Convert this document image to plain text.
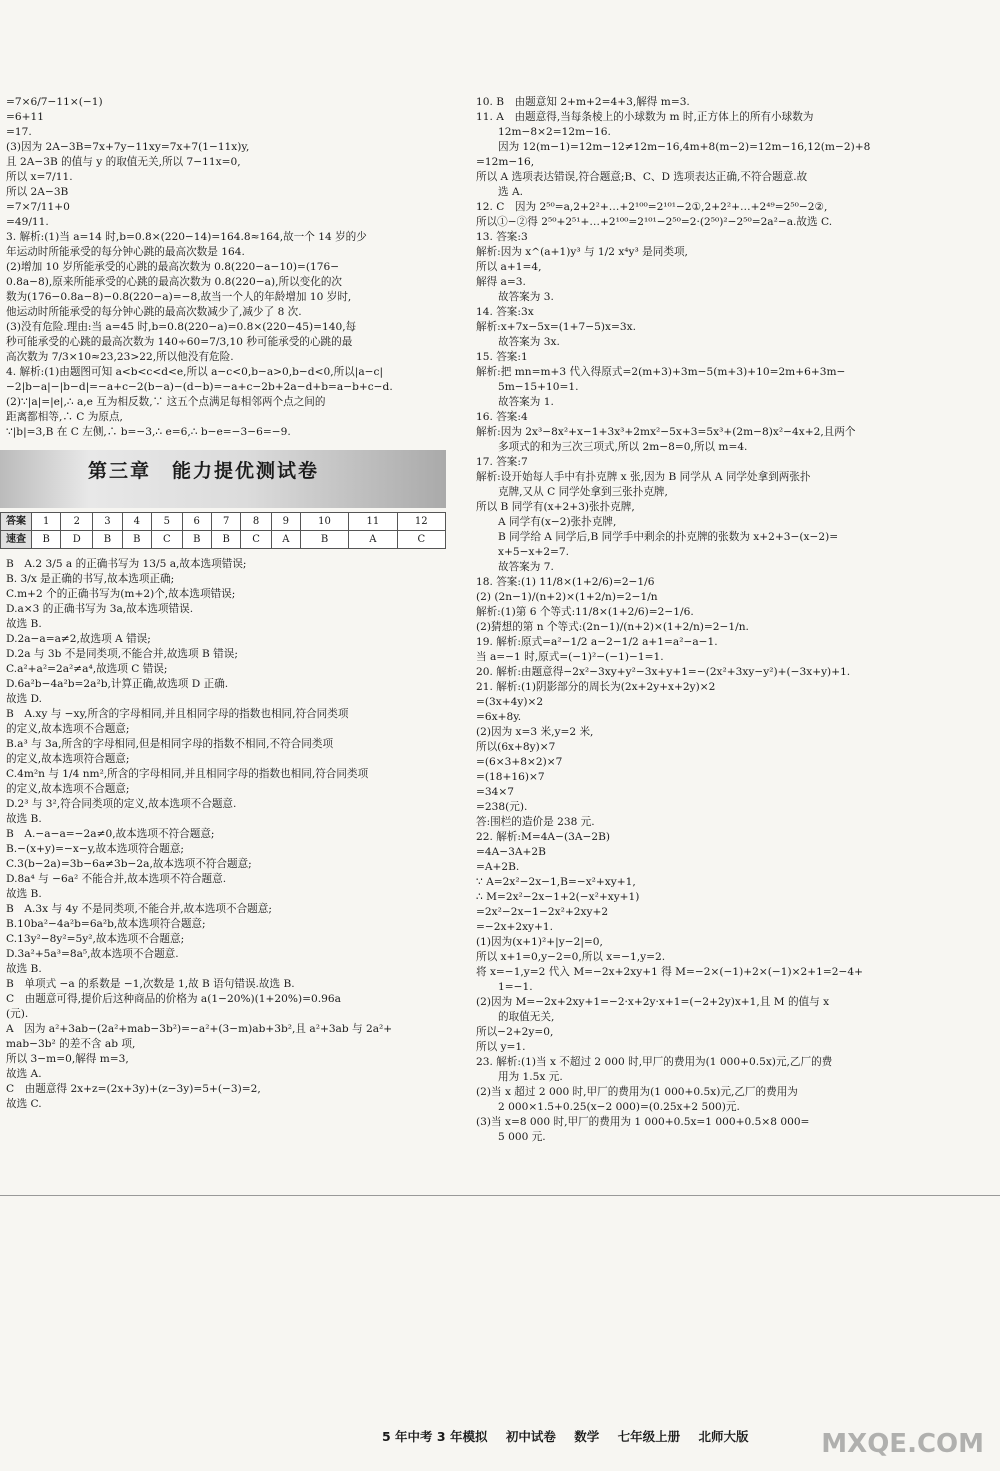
=7×6/7−11×(−1)
=6+11
=17.
(3)因为 2A−3B=7x+7y−11xy=7x+7(1−11x)y,
且 2A−3B 的值与 y 的取值无关,所以 7−11x=0,
所以 x=7/11.
所以 2A−3B
=7×7/11+0
=49/11.
3. 解析:(1)当 a=14 时,b=0.8×(220−14)=164.8≈164,故一个 14 岁的少
年运动时所能承受的每分钟心跳的最高次数是 164.
(2)增加 10 岁所能承受的心跳的最高次数为 0.8(220−a−10)=(176−
0.8a−8),原来所能承受的心跳的最高次数为 0.8(220−a),所以变化的次
数为(176−0.8a−8)−0.8(220−a)=−8,故当一个人的年龄增加 10 岁时,
他运动时所能承受的每分钟心跳的最高次数减少了,减少了 8 次.
(3)没有危险.理由:当 a=45 时,b=0.8(220−a)=0.8×(220−45)=140,每
秒可能承受的心跳的最高次数为 140÷60=7/3,10 秒可能承受的心跳的最
高次数为 7/3×10≈23,23>22,所以他没有危险.
4. 解析:(1)由题图可知 a<b<c<d<e,所以 a−c<0,b−a>0,b−d<0,所以|a−c|
−2|b−a|−|b−d|=−a+c−2(b−a)−(d−b)=−a+c−2b+2a−d+b=a−b+c−d.
(2)∵|a|=|e|,∴ a,e 互为相反数,∵ 这五个点满足每相邻两个点之间的
距离都相等,∴ C 为原点,
∵|b|=3,B 在 C 左侧,∴ b=−3,∴ e=6,∴ b−e=−3−6=−9.
第三章　能力提优测试卷
答案	1	2	3	4	5	6	7	8	9	10	11	12
速查	B	D	B	B	C	B	B	C	A	B	A	C
B　A.2 3/5 a 的正确书写为 13/5 a,故本选项错误;
B. 3/x 是正确的书写,故本选项正确;
C.m+2 个的正确书写为(m+2)个,故本选项错误;
D.a×3 的正确书写为 3a,故本选项错误.
故选 B.
D.2a−a=a≠2,故选项 A 错误;
D.2a 与 3b 不是同类项,不能合并,故选项 B 错误;
C.a²+a²=2a²≠a⁴,故选项 C 错误;
D.6a²b−4a²b=2a²b,计算正确,故选项 D 正确.
故选 D.
B　A.xy 与 −xy,所含的字母相同,并且相同字母的指数也相同,符合同类项
的定义,故本选项不合题意;
B.a³ 与 3a,所含的字母相同,但是相同字母的指数不相同,不符合同类项
的定义,故本选项符合题意;
C.4m²n 与 1/4 nm²,所含的字母相同,并且相同字母的指数也相同,符合同类项
的定义,故本选项不合题意;
D.2³ 与 3²,符合同类项的定义,故本选项不合题意.
故选 B.
B　A.−a−a=−2a≠0,故本选项不符合题意;
B.−(x+y)=−x−y,故本选项符合题意;
C.3(b−2a)=3b−6a≠3b−2a,故本选项不符合题意;
D.8a⁴ 与 −6a² 不能合并,故本选项不符合题意.
故选 B.
B　A.3x 与 4y 不是同类项,不能合并,故本选项不合题意;
B.10ba²−4a²b=6a²b,故本选项符合题意;
C.13y²−8y²=5y²,故本选项不合题意;
D.3a²+5a³=8a⁵,故本选项不合题意.
故选 B.
B　单项式 −a 的系数是 −1,次数是 1,故 B 语句错误.故选 B.
C　由题意可得,提价后这种商品的价格为 a(1−20%)(1+20%)=0.96a
(元).
A　因为 a²+3ab−(2a²+mab−3b²)=−a²+(3−m)ab+3b²,且 a²+3ab 与 2a²+
mab−3b² 的差不含 ab 项,
所以 3−m=0,解得 m=3,
故选 A.
C　由题意得 2x+z=(2x+3y)+(z−3y)=5+(−3)=2,
故选 C.
10. B　由题意知 2+m+2=4+3,解得 m=3.
11. A　由题意得,当每条棱上的小球数为 m 时,正方体上的所有小球数为
12m−8×2=12m−16.
因为 12(m−1)=12m−12≠12m−16,4m+8(m−2)=12m−16,12(m−2)+8
=12m−16,
所以 A 选项表达错误,符合题意;B、C、D 选项表达正确,不符合题意.故
选 A.
12. C　因为 2⁵⁰=a,2+2²+…+2¹⁰⁰=2¹⁰¹−2①,2+2²+…+2⁴⁹=2⁵⁰−2②,
所以①−②得 2⁵⁰+2⁵¹+…+2¹⁰⁰=2¹⁰¹−2⁵⁰=2·(2⁵⁰)²−2⁵⁰=2a²−a.故选 C.
13. 答案:3
解析:因为 x^(a+1)y³ 与 1/2 x⁴y³ 是同类项,
所以 a+1=4,
解得 a=3.
故答案为 3.
14. 答案:3x
解析:x+7x−5x=(1+7−5)x=3x.
故答案为 3x.
15. 答案:1
解析:把 mn=m+3 代入得原式=2(m+3)+3m−5(m+3)+10=2m+6+3m−
5m−15+10=1.
故答案为 1.
16. 答案:4
解析:因为 2x³−8x²+x−1+3x³+2mx²−5x+3=5x³+(2m−8)x²−4x+2,且两个
多项式的和为三次三项式,所以 2m−8=0,所以 m=4.
17. 答案:7
解析:设开始每人手中有扑克牌 x 张,因为 B 同学从 A 同学处拿到两张扑
克牌,又从 C 同学处拿到三张扑克牌,
所以 B 同学有(x+2+3)张扑克牌,
A 同学有(x−2)张扑克牌,
B 同学给 A 同学后,B 同学手中剩余的扑克牌的张数为 x+2+3−(x−2)=
x+5−x+2=7.
故答案为 7.
18. 答案:(1) 11/8×(1+2/6)=2−1/6
(2) (2n−1)/(n+2)×(1+2/n)=2−1/n
解析:(1)第 6 个等式:11/8×(1+2/6)=2−1/6.
(2)猜想的第 n 个等式:(2n−1)/(n+2)×(1+2/n)=2−1/n.
19. 解析:原式=a²−1/2 a−2−1/2 a+1=a²−a−1.
当 a=−1 时,原式=(−1)²−(−1)−1=1.
20. 解析:由题意得−2x²−3xy+y²−3x+y+1=−(2x²+3xy−y²)+(−3x+y)+1.
21. 解析:(1)阴影部分的周长为(2x+2y+x+2y)×2
=(3x+4y)×2
=6x+8y.
(2)因为 x=3 米,y=2 米,
所以(6x+8y)×7
=(6×3+8×2)×7
=(18+16)×7
=34×7
=238(元).
答:围栏的造价是 238 元.
22. 解析:M=4A−(3A−2B)
=4A−3A+2B
=A+2B.
∵ A=2x²−2x−1,B=−x²+xy+1,
∴ M=2x²−2x−1+2(−x²+xy+1)
=2x²−2x−1−2x²+2xy+2
=−2x+2xy+1.
(1)因为(x+1)²+|y−2|=0,
所以 x+1=0,y−2=0,所以 x=−1,y=2.
将 x=−1,y=2 代入 M=−2x+2xy+1 得 M=−2×(−1)+2×(−1)×2+1=2−4+
1=−1.
(2)因为 M=−2x+2xy+1=−2·x+2y·x+1=(−2+2y)x+1,且 M 的值与 x
的取值无关,
所以−2+2y=0,
所以 y=1.
23. 解析:(1)当 x 不超过 2 000 时,甲厂的费用为(1 000+0.5x)元,乙厂的费
用为 1.5x 元.
(2)当 x 超过 2 000 时,甲厂的费用为(1 000+0.5x)元,乙厂的费用为
2 000×1.5+0.25(x−2 000)=(0.25x+2 500)元.
(3)当 x=8 000 时,甲厂的费用为 1 000+0.5x=1 000+0.5×8 000=
5 000 元.
5 年中考 3 年模拟 初中试卷 数学 七年级上册 北师大版	MXQE.COM
